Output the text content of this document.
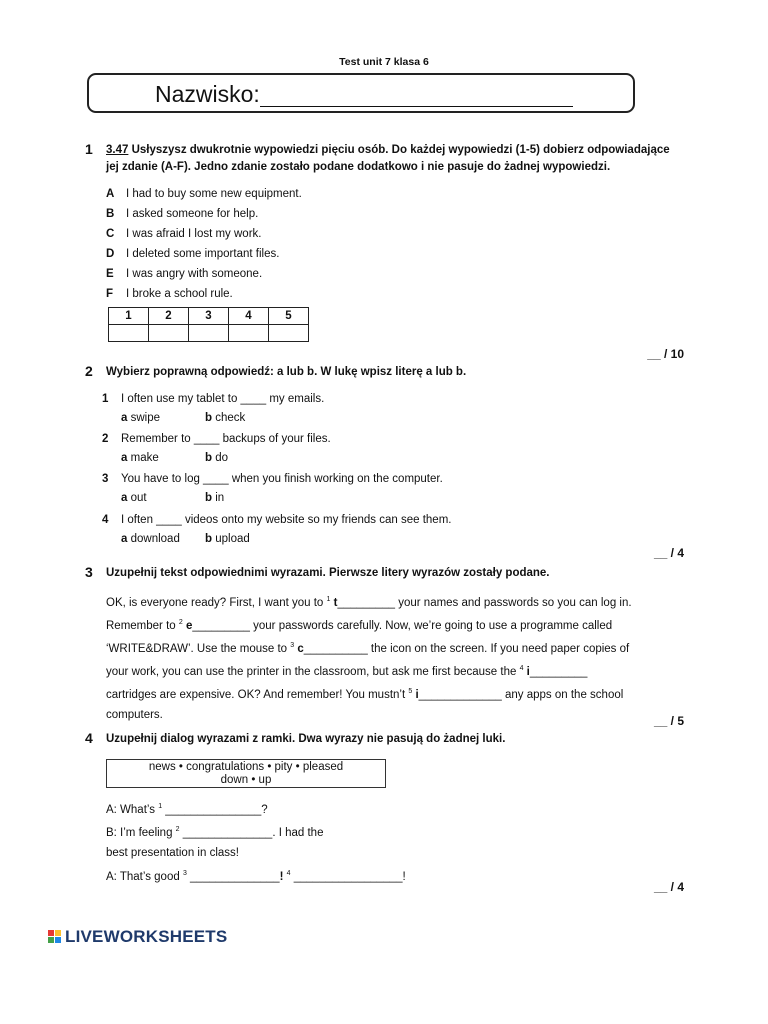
Test unit 7 klasa 6
Nazwisko:
1 3.47 Usłyszysz dwukrotnie wypowiedzi pięciu osób. Do każdej wypowiedzi (1-5) dobierz odpowiadające
jej zdanie (A-F). Jedno zdanie zostało podane dodatkowo i nie pasuje do żadnej wypowiedzi.
A I had to buy some new equipment.
B I asked someone for help.
C I was afraid I lost my work.
D I deleted some important files.
E I was angry with someone.
F I broke a school rule.
1	2	3	4	5

__ / 10
2 Wybierz poprawną odpowiedź: a lub b. W lukę wpisz literę a lub b.
1 I often use my tablet to ____ my emails.
a swipe	b check
2 Remember to ____ backups of your files.
a make	b do
3 You have to log ____ when you finish working on the computer.
a out	b in
4 I often ____ videos onto my website so my friends can see them.
a download b upload
__ / 4
3 Uzupełnij tekst odpowiednimi wyrazami. Pierwsze litery wyrazów zostały podane.
OK, is everyone ready? First, I want you to $^1$ t_________ your names and passwords so you can log in.
Remember to $^2$ e_________ your passwords carefully. Now, we’re going to use a programme called
‘WRITE&DRAW’. Use the mouse to $^3$ c__________ the icon on the screen. If you need paper copies of
your work, you can use the printer in the classroom, but ask me first because the $^4$ i_________
cartridges are expensive. OK? And remember! You mustn’t $^5$ i_____________ any apps on the school
computers.	__ / 5
4 Uzupełnij dialog wyrazami z ramki. Dwa wyrazy nie pasują do żadnej luki.
news • congratulations • pity • pleased
down • up
A: What’s $^1$ _______________?
B: I’m feeling $^2$ ______________. I had the
best presentation in class!
A: That’s good $^3$ ______________! $^4$ _________________!
__ / 4
LIVEWORKSHEETS
